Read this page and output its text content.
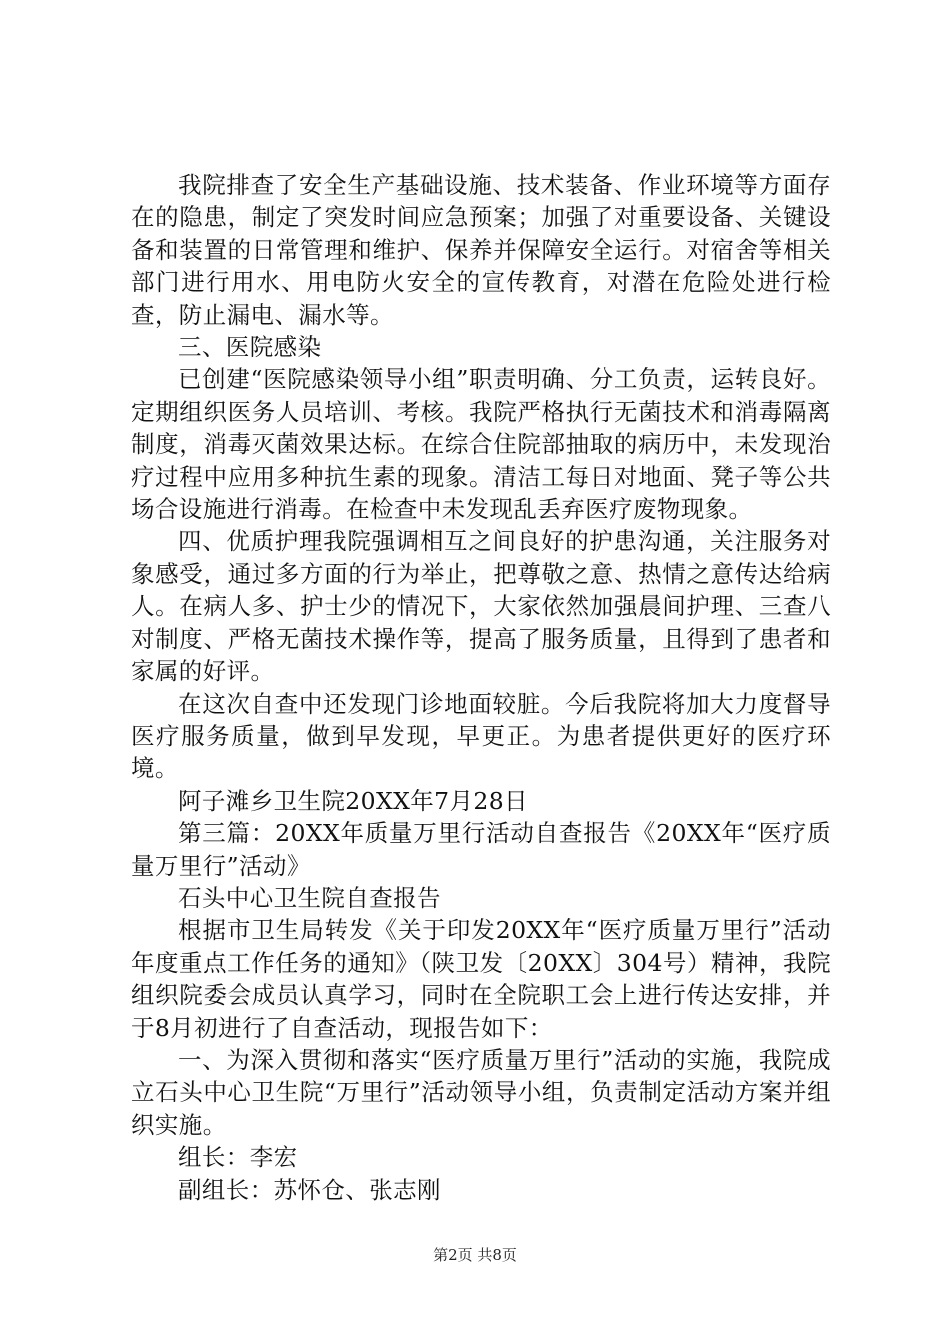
我院排查了安全生产基础设施、技术装备、作业环境等方面存在的隐患，制定了突发时间应急预案；加强了对重要设备、关键设备和装置的日常管理和维护、保养并保障安全运行。对宿舍等相关部门进行用水、用电防火安全的宣传教育，对潜在危险处进行检查，防止漏电、漏水等。

三、医院感染

已创建“医院感染领导小组”职责明确、分工负责，运转良好。定期组织医务人员培训、考核。我院严格执行无菌技术和消毒隔离制度，消毒灭菌效果达标。在综合住院部抽取的病历中，未发现治疗过程中应用多种抗生素的现象。清洁工每日对地面、凳子等公共场合设施进行消毒。在检查中未发现乱丢弃医疗废物现象。

四、优质护理我院强调相互之间良好的护患沟通，关注服务对象感受，通过多方面的行为举止，把尊敬之意、热情之意传达给病人。在病人多、护士少的情况下，大家依然加强晨间护理、三查八对制度、严格无菌技术操作等，提高了服务质量，且得到了患者和家属的好评。

在这次自查中还发现门诊地面较脏。今后我院将加大力度督导医疗服务质量，做到早发现，早更正。为患者提供更好的医疗环境。

阿子滩乡卫生院20XX年7月28日

第三篇：20XX年质量万里行活动自查报告《20XX年“医疗质量万里行”活动》

石头中心卫生院自查报告

根据市卫生局转发《关于印发20XX年“医疗质量万里行”活动年度重点工作任务的通知》（陕卫发〔20XX〕304号）精神，我院组织院委会成员认真学习，同时在全院职工会上进行传达安排，并于8月初进行了自查活动，现报告如下：

一、为深入贯彻和落实“医疗质量万里行”活动的实施，我院成立石头中心卫生院“万里行”活动领导小组，负责制定活动方案并组织实施。

组长：李宏

副组长：苏怀仓、张志刚

第2页 共8页
